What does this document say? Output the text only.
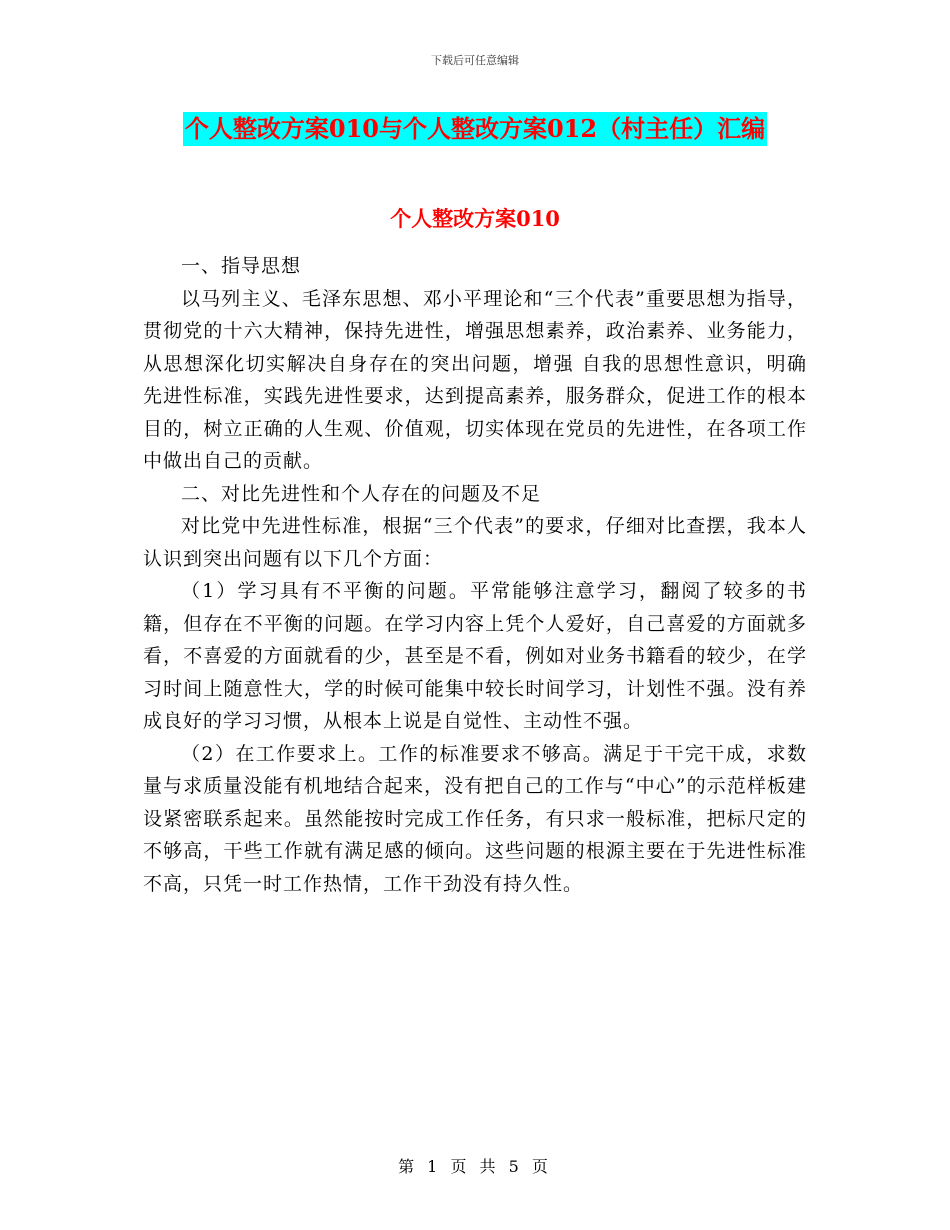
下载后可任意编辑
个人整改方案010与个人整改方案012（村主任）汇编
个人整改方案010

一、指导思想

以马列主义、毛泽东思想、邓小平理论和“三个代表”重要思想为指导，贯彻党的十六大精神，保持先进性，增强思想素养，政治素养、业务能力，从思想深化切实解决自身存在的突出问题，增强 自我的思想性意识，明确先进性标准，实践先进性要求，达到提高素养，服务群众，促进工作的根本目的，树立正确的人生观、价值观，切实体现在党员的先进性，在各项工作中做出自己的贡献。

二、对比先进性和个人存在的问题及不足

对比党中先进性标准，根据“三个代表”的要求，仔细对比查摆，我本人认识到突出问题有以下几个方面：

（1）学习具有不平衡的问题。平常能够注意学习，翻阅了较多的书籍，但存在不平衡的问题。在学习内容上凭个人爱好，自己喜爱的方面就多看，不喜爱的方面就看的少，甚至是不看，例如对业务书籍看的较少，在学习时间上随意性大，学的时候可能集中较长时间学习，计划性不强。没有养成良好的学习习惯，从根本上说是自觉性、主动性不强。

（2）在工作要求上。工作的标准要求不够高。满足于干完干成，求数量与求质量没能有机地结合起来，没有把自己的工作与“中心”的示范样板建设紧密联系起来。虽然能按时完成工作任务，有只求一般标准，把标尺定的不够高，干些工作就有满足感的倾向。这些问题的根源主要在于先进性标准不高，只凭一时工作热情，工作干劲没有持久性。

第 1 页 共 5 页
